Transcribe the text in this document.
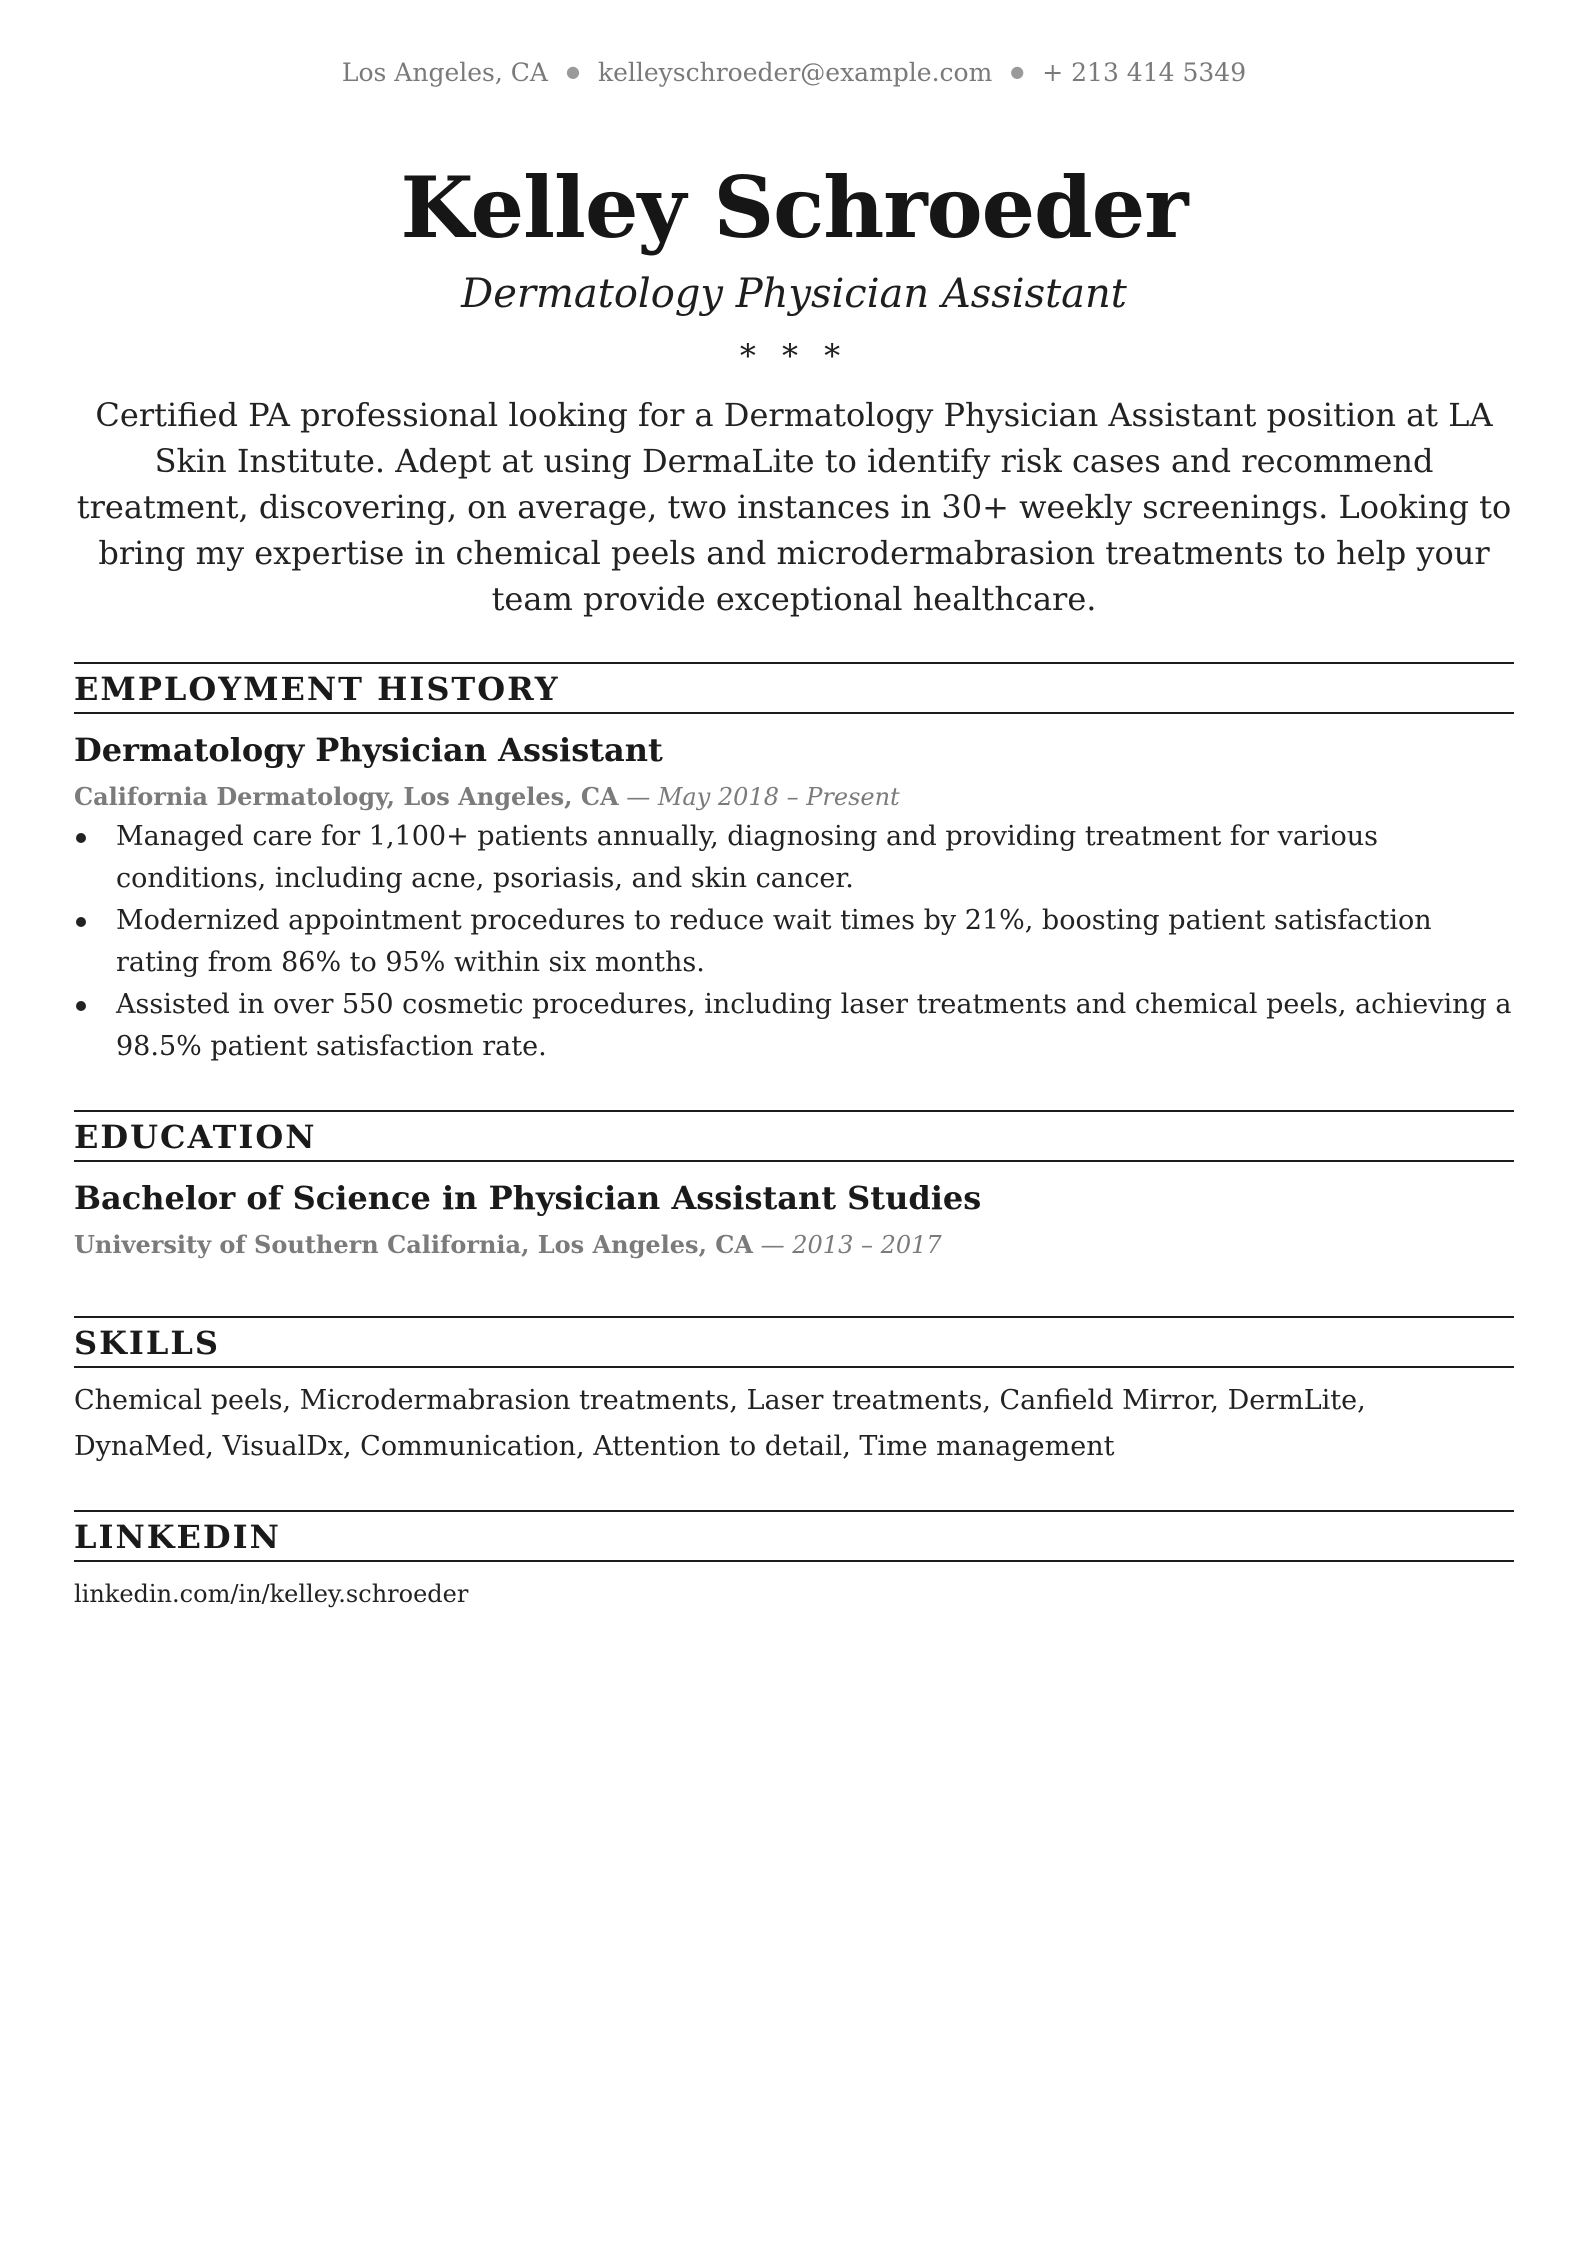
Los Angeles, CA ● kelleyschroeder@example.com ● + 213 414 5349
Kelley Schroeder
Dermatology Physician Assistant
* * *
Certified PA professional looking for a Dermatology Physician Assistant position at LA Skin Institute. Adept at using DermaLite to identify risk cases and recommend treatment, discovering, on average, two instances in 30+ weekly screenings. Looking to bring my expertise in chemical peels and microdermabrasion treatments to help your team provide exceptional healthcare.
EMPLOYMENT HISTORY
Dermatology Physician Assistant
California Dermatology, Los Angeles, CA — May 2018 – Present
Managed care for 1,100+ patients annually, diagnosing and providing treatment for various conditions, including acne, psoriasis, and skin cancer.
Modernized appointment procedures to reduce wait times by 21%, boosting patient satisfaction rating from 86% to 95% within six months.
Assisted in over 550 cosmetic procedures, including laser treatments and chemical peels, achieving a 98.5% patient satisfaction rate.
EDUCATION
Bachelor of Science in Physician Assistant Studies
University of Southern California, Los Angeles, CA — 2013 – 2017
SKILLS
Chemical peels, Microdermabrasion treatments, Laser treatments, Canfield Mirror, DermLite, DynaMed, VisualDx, Communication, Attention to detail, Time management
LINKEDIN
linkedin.com/in/kelley.schroeder
